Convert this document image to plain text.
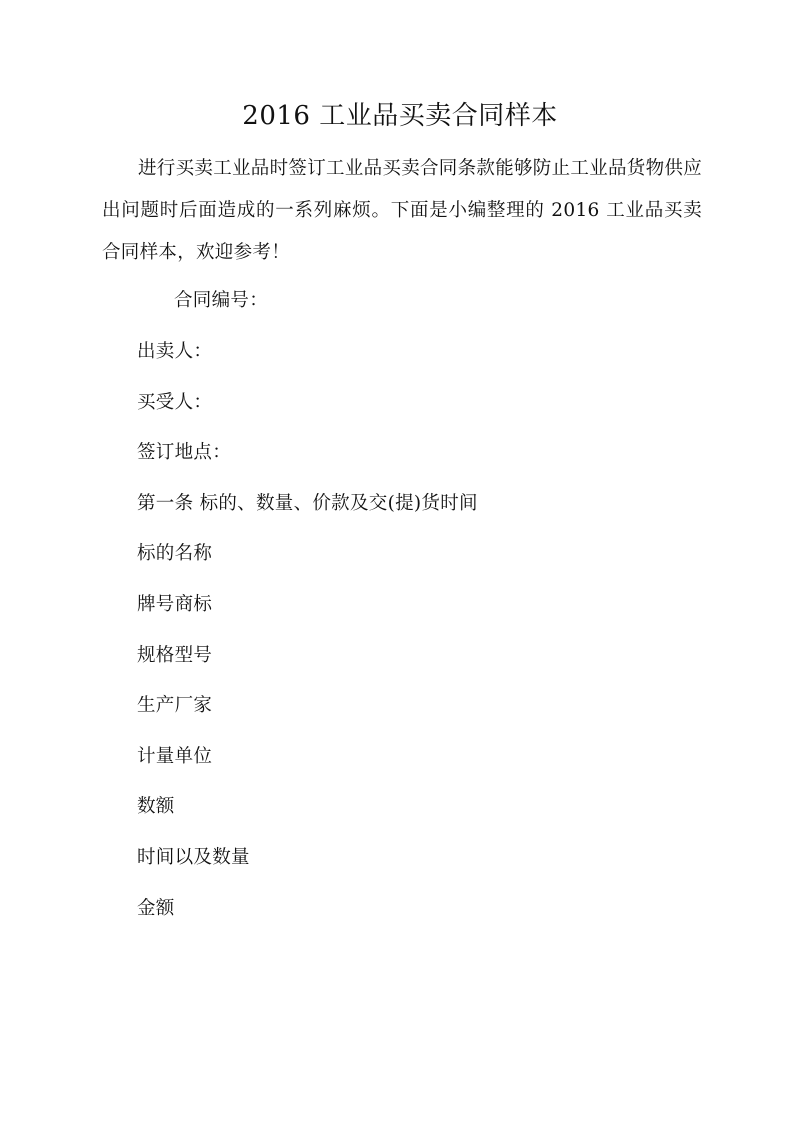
2016 工业品买卖合同样本

进行买卖工业品时签订工业品买卖合同条款能够防止工业品货物供应出问题时后面造成的一系列麻烦。下面是小编整理的 2016 工业品买卖合同样本，欢迎参考！

合同编号：
出卖人：
买受人：
签订地点：
第一条 标的、数量、价款及交(提)货时间
标的名称
牌号商标
规格型号
生产厂家
计量单位
数额
时间以及数量
金额
